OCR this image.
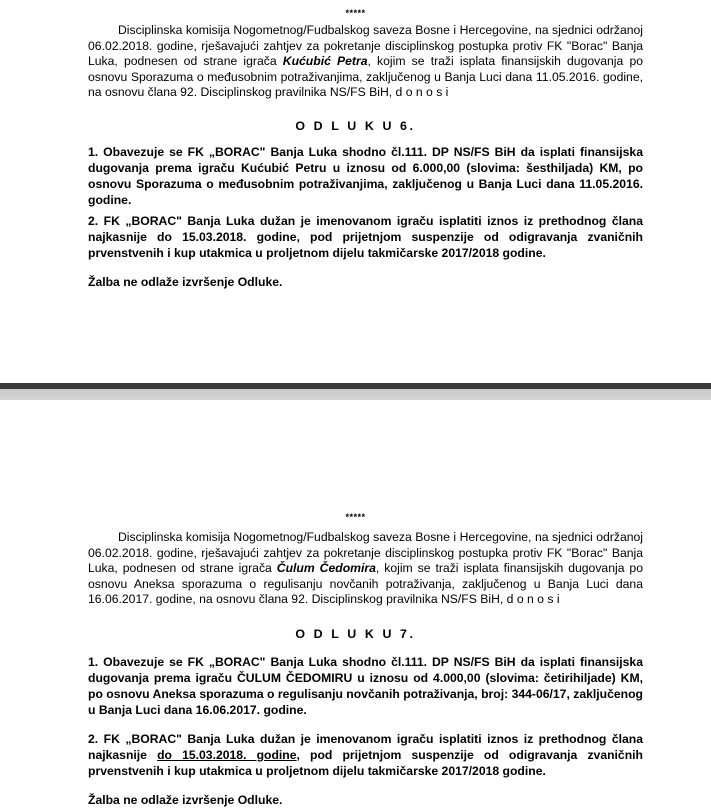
*****

Disciplinska komisija Nogometnog/Fudbalskog saveza Bosne i Hercegovine, na sjednici održanoj 06.02.2018. godine, rješavajući zahtjev za pokretanje disciplinskog postupka protiv FK "Borac" Banja Luka, podnesen od strane igrača Kućubić Petra, kojim se traži isplata finansijskih dugovanja po osnovu Sporazuma o međusobnim potraživanjima, zaključenog u Banja Luci dana 11.05.2016. godine, na osnovu člana 92. Disciplinskog pravilnika NS/FS BiH, d o n o s i

O D L U K U 6.
1. Obavezuje se FK „BORAC" Banja Luka shodno čl.111. DP NS/FS BiH da isplati finansijska dugovanja prema igraču Kućubić Petru u iznosu od 6.000,00 (slovima: šesthiljada) KM, po osnovu Sporazuma o međusobnim potraživanjima, zaključenog u Banja Luci dana 11.05.2016. godine.
2. FK „BORAC" Banja Luka dužan je imenovanom igraču isplatiti iznos iz prethodnog člana najkasnije do 15.03.2018. godine, pod prijetnjom suspenzije od odigravanja zvaničnih prvenstvenih i kup utakmica u proljetnom dijelu takmičarske 2017/2018 godine.
Žalba ne odlaže izvršenje Odluke.
*****

Disciplinska komisija Nogometnog/Fudbalskog saveza Bosne i Hercegovine, na sjednici održanoj 06.02.2018. godine, rješavajući zahtjev za pokretanje disciplinskog postupka protiv FK "Borac" Banja Luka, podnesen od strane igrača Čulum Čedomira, kojim se traži isplata finansijskih dugovanja po osnovu Aneksa sporazuma o regulisanju novčanih potraživanja, zaključenog u Banja Luci dana 16.06.2017. godine, na osnovu člana 92. Disciplinskog pravilnika NS/FS BiH, d o n o s i

O D L U K U 7.
1. Obavezuje se FK „BORAC" Banja Luka shodno čl.111. DP NS/FS BiH da isplati finansijska dugovanja prema igraču ČULUM ČEDOMIRU u iznosu od 4.000,00 (slovima: četirihiljade) KM, po osnovu Aneksa sporazuma o regulisanju novčanih potraživanja, broj: 344-06/17, zaključenog u Banja Luci dana 16.06.2017. godine.
2. FK „BORAC" Banja Luka dužan je imenovanom igraču isplatiti iznos iz prethodnog člana najkasnije do 15.03.2018. godine, pod prijetnjom suspenzije od odigravanja zvaničnih prvenstvenih i kup utakmica u proljetnom dijelu takmičarske 2017/2018 godine.
Žalba ne odlaže izvršenje Odluke.
